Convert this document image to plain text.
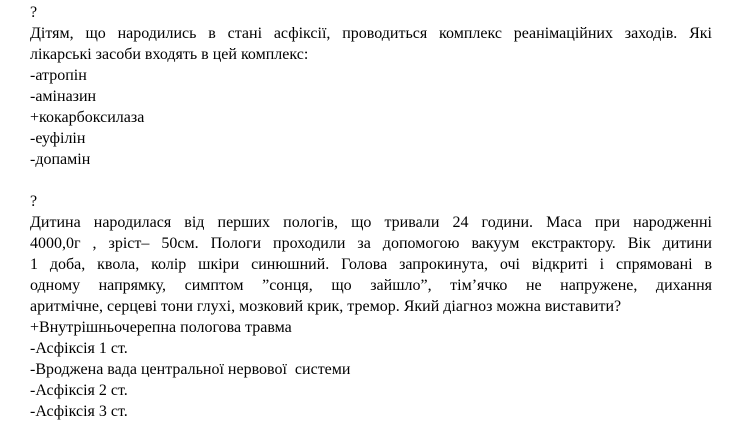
?
Дітям, що народились в стані асфіксії, проводиться комплекс реанімаційних заходів. Які
лікарські засоби входять в цей комплекс:
-атропін
-аміназин
+кокарбоксилаза
-еуфілін
-допамін
?
Дитина народилася від перших пологів, що тривали 24 години. Маса при народженні
4000,0г , зріст– 50см. Пологи проходили за допомогою вакуум екстрактору. Вік дитини
1 доба, квола, колір шкіри синюшний. Голова запрокинута, очі відкриті і спрямовані в
одному напрямку, симптом ”сонця, що зайшло”, тім’ячко не напружене, дихання
аритмічне, серцеві тони глухі, мозковий крик, тремор. Який діагноз можна виставити?
+Внутрішньочерепна пологова травма
-Асфіксія 1 ст.
-Вроджена вада центральної нервової  системи
-Асфіксія 2 ст.
-Асфіксія 3 ст.
